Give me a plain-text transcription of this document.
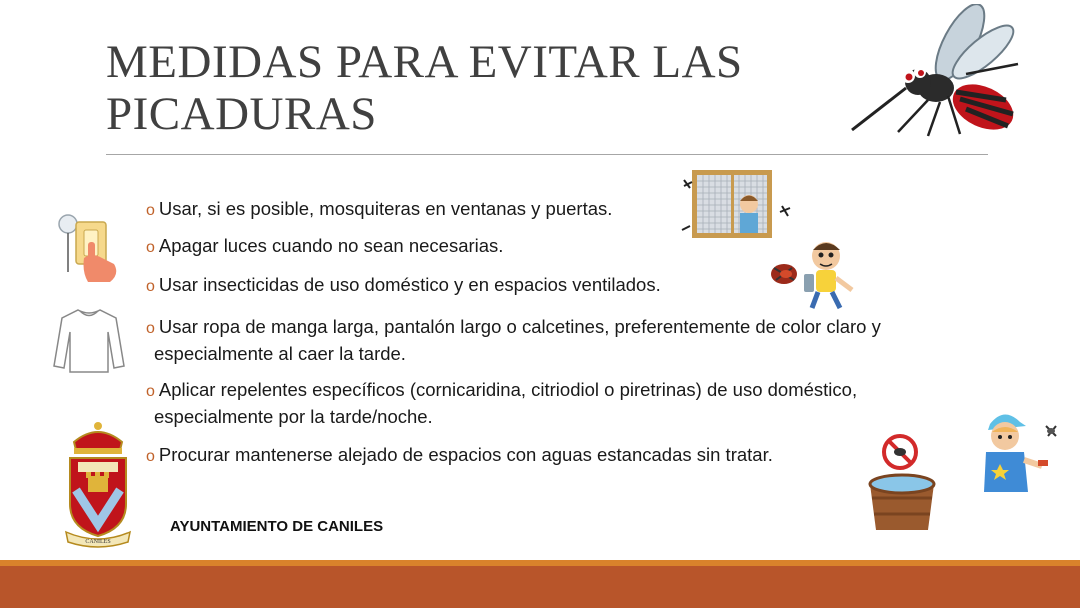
MEDIDAS PARA EVITAR LAS PICADURAS
CANILES
o Usar, si es posible, mosquiteras en ventanas y puertas.
o Apagar luces cuando no sean necesarias.
o Usar insecticidas de uso doméstico y en espacios ventilados.
o Usar ropa de manga larga, pantalón largo o calcetines, preferentemente de color claro y
especialmente al caer la tarde.
o Aplicar repelentes específicos (cornicaridina, citriodiol o piretrinas) de uso doméstico,
especialmente por la tarde/noche.
o Procurar mantenerse alejado de espacios con aguas estancadas sin tratar.
AYUNTAMIENTO DE CANILES
